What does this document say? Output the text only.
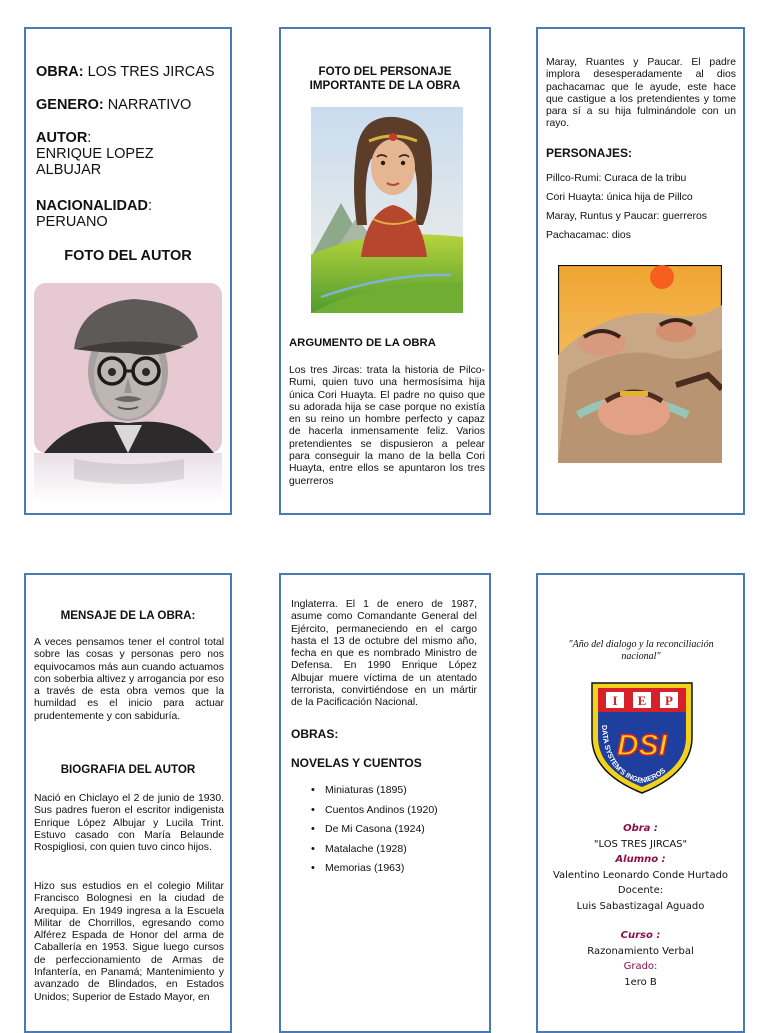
OBRA: LOS TRES JIRCAS
GENERO: NARRATIVO
AUTOR:
ENRIQUE LOPEZ ALBUJAR
NACIONALIDAD:
PERUANO
FOTO DEL AUTOR
FOTO DEL PERSONAJE IMPORTANTE DE LA OBRA
ARGUMENTO DE LA OBRA
Los tres Jircas: trata la historia de Pilco-Rumi, quien tuvo una hermosísima hija única Cori Huayta. El padre no quiso que su adorada hija se case porque no existía en su reino un hombre perfecto y capaz de hacerla inmensamente feliz. Varios pretendientes se dispusieron a pelear para conseguir la mano de la bella Cori Huayta, entre ellos se apuntaron los tres guerreros
Maray, Ruantes y Paucar. El padre implora desesperadamente al dios pachacamac que le ayude, este hace que castigue a los pretendientes y tome para sí a su hija fulminándole con un rayo.
PERSONAJES:
Pillco-Rumi: Curaca de la tribu
Cori Huayta: única hija de Pillco
Maray, Runtus y Paucar: guerreros
Pachacamac: dios
MENSAJE DE LA OBRA:
A veces pensamos tener el control total sobre las cosas y personas pero nos equivocamos más aun cuando actuamos con soberbia altivez y arrogancia por eso a través de esta obra vemos que la humildad es el inicio para actuar prudentemente y con sabiduría.
BIOGRAFIA DEL AUTOR
Nació en Chiclayo el 2 de junio de 1930. Sus padres fueron el escritor indigenista Enrique López Albujar y Lucila Trint. Estuvo casado con María Belaunde Rospigliosi, con quien tuvo cinco hijos.
Hizo sus estudios en el colegio Militar Francisco Bolognesi en la ciudad de Arequipa. En 1949 ingresa a la Escuela Militar de Chorrillos, egresando como Alférez Espada de Honor del arma de Caballería en 1953. Sigue luego cursos de perfeccionamiento de Armas de Infantería, en Panamá; Mantenimiento y avanzado de Blindados, en Estados Unidos; Superior de Estado Mayor, en
Inglaterra. El 1 de enero de 1987, asume como Comandante General del Ejército, permaneciendo en el cargo hasta el 13 de octubre del mismo año, fecha en que es nombrado Ministro de Defensa. En 1990 Enrique López Albujar muere víctima de un atentado terrorista, convirtiéndose en un mártir de la Pacificación Nacional.
OBRAS:
NOVELAS Y CUENTOS
• Miniaturas (1895)
• Cuentos Andinos (1920)
• De Mi Casona (1924)
• Matalache (1928)
• Memorias (1963)
"Año del dialogo y la reconciliación nacional"
I E P
DATA SYSTEM'S INGENIEROS
DSI
Obra :
"LOS TRES JIRCAS"
Alumno :
Valentino Leonardo Conde Hurtado
Docente:
Luis Sabastizagal Aguado
Curso :
Razonamiento Verbal
Grado:
1ero B
